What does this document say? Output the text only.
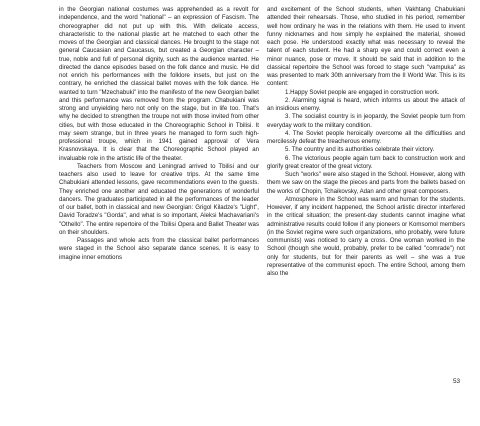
in the Georgian national costumes was apprehended as a revolt for independence, and the word "national" – an expression of Fascism. The choreographer did not put up with this. With delicate access, characteristic to the national plastic art he matched to each other the moves of the Georgian and classical dances. He brought to the stage not general Caucasian and Caucasus, but created a Georgian character – true, noble and full of personal dignity, such as the audience wanted. He directed the dance episodes based on the folk dance and music. He did not enrich his performances with the folklore insets, but just on the contrary, he enriched the classical ballet moves with the folk dance. He wanted to turn "Mzechabuki" into the manifesto of the new Georgian ballet and this performance was removed from the program. Chabukiani was strong and unyielding hero not only on the stage, but in life too. That's why he decided to strengthen the troupe not with those invited from other cities, but with those educated in the Choreographic School in Tbilisi. It may seem strange, but in three years he managed to form such high-professional troupe, which in 1941 gained approval of Vera Krasnovskaya. It is clear that the Choreographic School played an invaluable role in the artistic life of the theater.

Teachers from Moscow and Leningrad arrived to Tbilisi and our teachers also used to leave for creative trips. At the same time Chabukiani attended lessons, gave recommendations even to the guests. They enriched one another and educated the generations of wonderful dancers. The graduates participated in all the performances of the leader of our ballet, both in classical and new Georgian: Grigol Kiladze's "Light", David Toradze's "Gorda", and what is so important, Aleksi Machavariani's "Othello". The entire repertoire of the Tbilisi Opera and Ballet Theater was on their shoulders.

Passages and whole acts from the classical ballet performances were staged in the School also separate dance scenes. It is easy to imagine inner emotions

and excitement of the School students, when Vakhtang Chabukiani attended their rehearsals. Those, who studied in his period, remember well how ordinary he was in the relations with them. He used to invent funny nicknames and how simply he explained the material, showed each pose. He understood exactly what was necessary to reveal the talent of each student. He had a sharp eye and could correct even a minor nuance, pose or move. It should be said that in addition to the classical repertoire the School was forced to stage such "vampuka" as was presented to mark 30th anniversary from the II World War. This is its content:

1.Happy Soviet people are engaged in construction work.

2. Alarming signal is heard, which informs us about the attack of an insidious enemy.

3. The socialist country is in jeopardy, the Soviet people turn from everyday work to the military condition.

4. The Soviet people heroically overcome all the difficulties and mercilessly defeat the treacherous enemy.

5. The country and its authorities celebrate their victory.

6. The victorious people again turn back to construction work and glorify great creator of the great victory.

Such "works" were also staged in the School. However, along with them we saw on the stage the pieces and parts from the ballets based on the works of Chopin, Tchaikovsky, Adan and other great composers.

Atmosphere in the School was warm and human for the students. However, if any incident happened, the School artistic director interfered in the critical situation; the present-day students cannot imagine what administrative results could follow if any pioneers or Komsomol members (in the Soviet regime were such organizations, who probably, were future communists) was noticed to carry a cross. One woman worked in the School (though she would, probably, prefer to be called "comrade") not only for students, but for their parents as well – she was a true representative of the communist epoch. The entire School, among them also the

53
